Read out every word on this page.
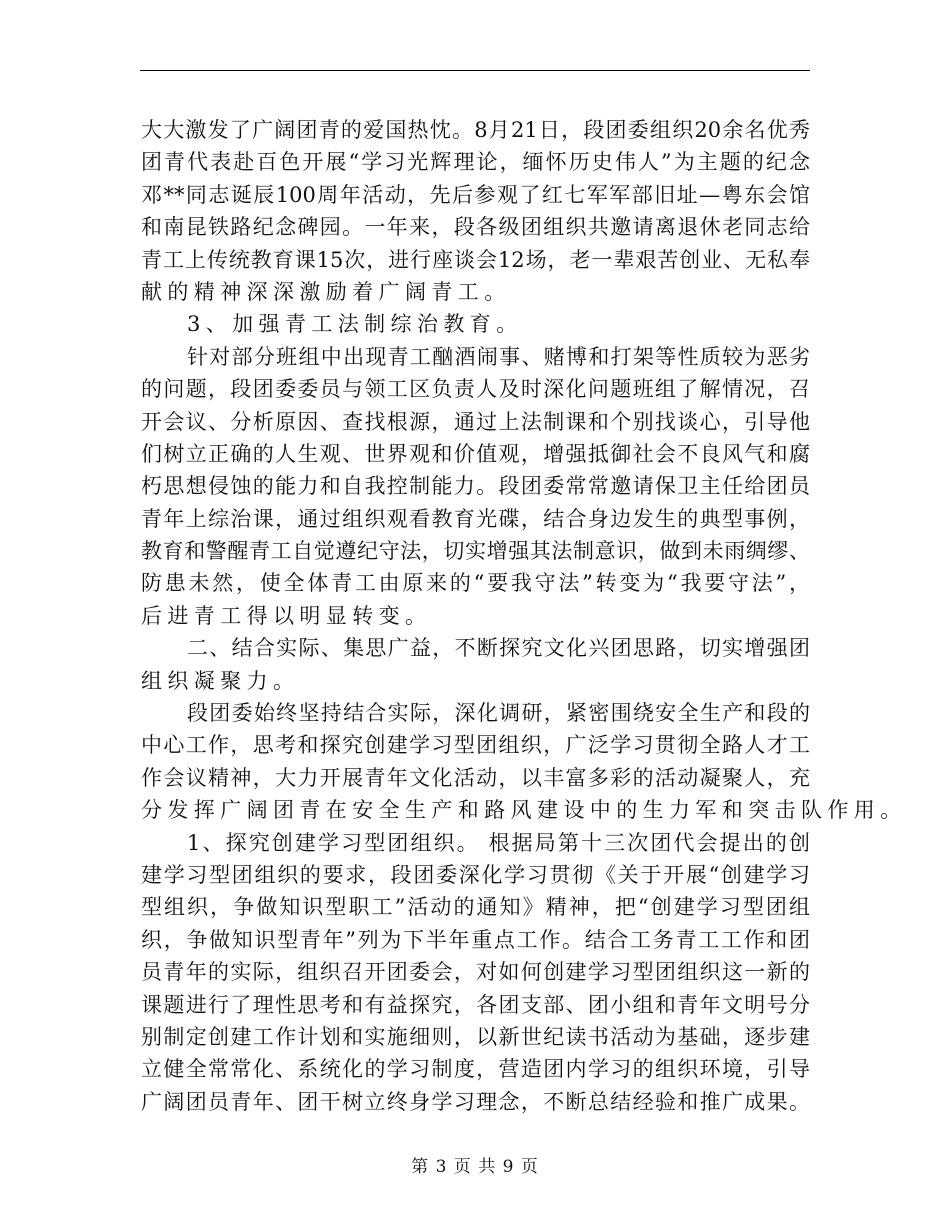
大大激发了广阔团青的爱国热忱。8月21日，段团委组织20余名优秀
团青代表赴百色开展“学习光辉理论，缅怀历史伟人”为主题的纪念
邓**同志诞辰100周年活动，先后参观了红七军军部旧址—粤东会馆
和南昆铁路纪念碑园。一年来，段各级团组织共邀请离退休老同志给
青工上传统教育课15次，进行座谈会12场，老一辈艰苦创业、无私奉
献的精神深深激励着广阔青工。
3、加强青工法制综治教育。
针对部分班组中出现青工酗酒闹事、赌博和打架等性质较为恶劣
的问题，段团委委员与领工区负责人及时深化问题班组了解情况，召
开会议、分析原因、查找根源，通过上法制课和个别找谈心，引导他
们树立正确的人生观、世界观和价值观，增强抵御社会不良风气和腐
朽思想侵蚀的能力和自我控制能力。段团委常常邀请保卫主任给团员
青年上综治课，通过组织观看教育光碟，结合身边发生的典型事例，
教育和警醒青工自觉遵纪守法，切实增强其法制意识，做到未雨绸缪、
防患未然，使全体青工由原来的“要我守法”转变为“我要守法”，
后进青工得以明显转变。
二、结合实际、集思广益，不断探究文化兴团思路，切实增强团
组织凝聚力。
段团委始终坚持结合实际，深化调研，紧密围绕安全生产和段的
中心工作，思考和探究创建学习型团组织，广泛学习贯彻全路人才工
作会议精神，大力开展青年文化活动，以丰富多彩的活动凝聚人，充
分发挥广阔团青在安全生产和路风建设中的生力军和突击队作用。
1、探究创建学习型团组织。 根据局第十三次团代会提出的创
建学习型团组织的要求，段团委深化学习贯彻《关于开展“创建学习
型组织，争做知识型职工”活动的通知》精神，把“创建学习型团组
织，争做知识型青年”列为下半年重点工作。结合工务青工工作和团
员青年的实际，组织召开团委会，对如何创建学习型团组织这一新的
课题进行了理性思考和有益探究，各团支部、团小组和青年文明号分
别制定创建工作计划和实施细则，以新世纪读书活动为基础，逐步建
立健全常常化、系统化的学习制度，营造团内学习的组织环境，引导
广阔团员青年、团干树立终身学习理念，不断总结经验和推广成果。
第 3 页 共 9 页
